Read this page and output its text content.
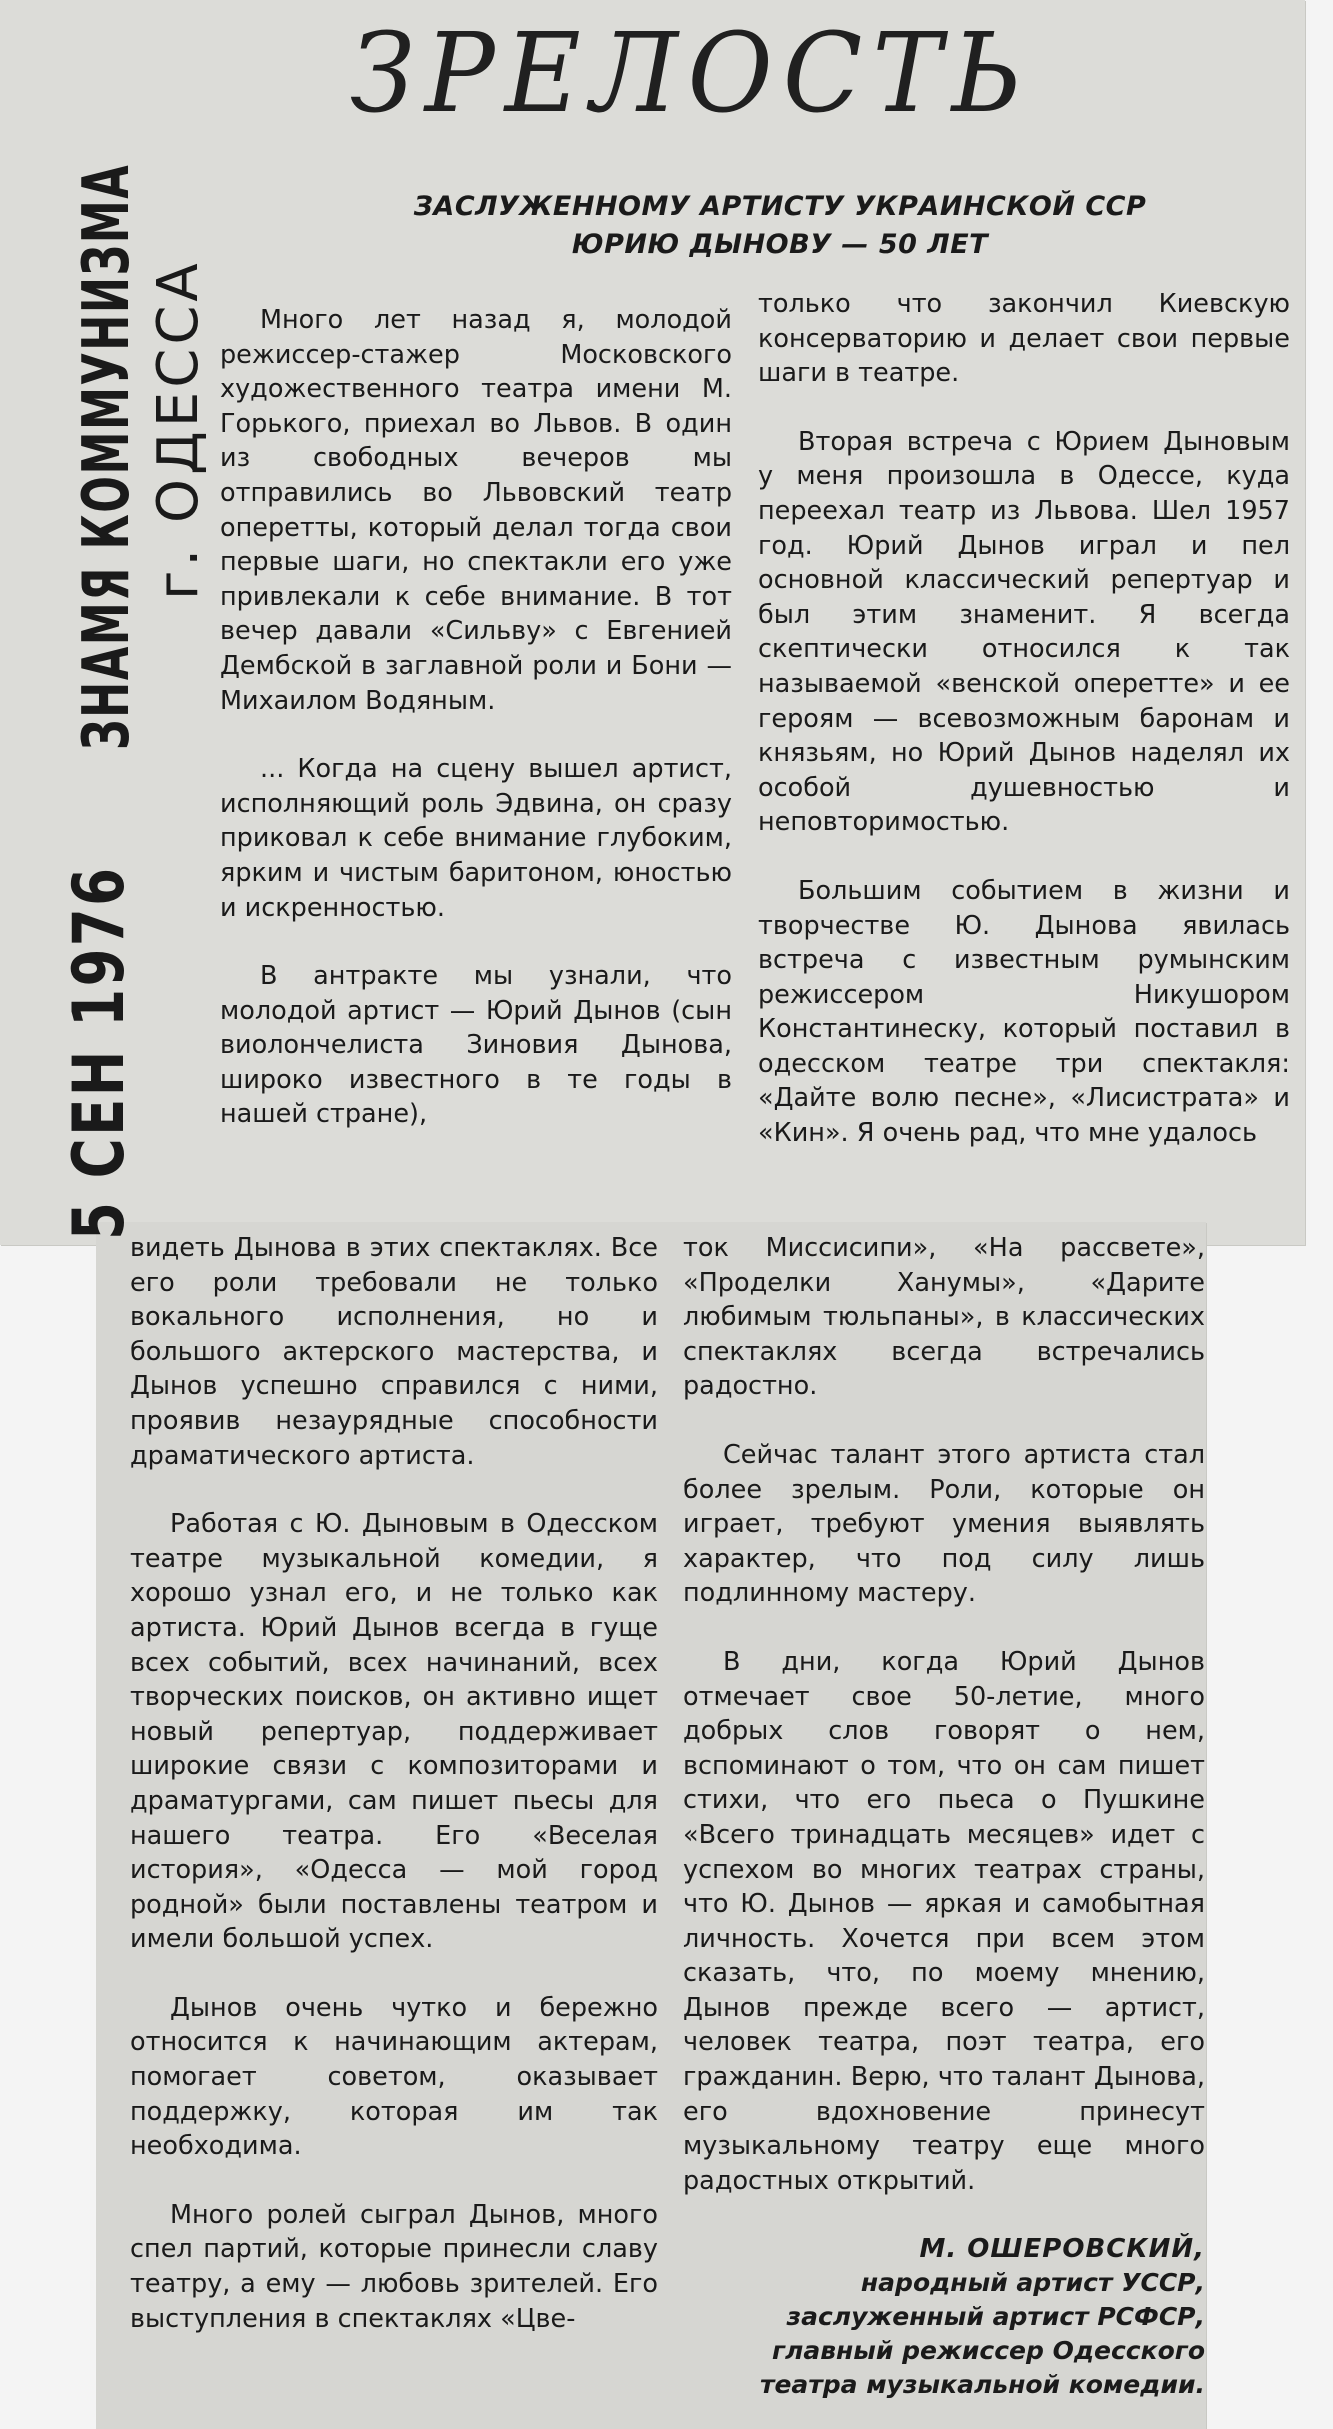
ЗНАМЯ КОММУНИЗМА г. ОДЕССА
5 СЕН 1976
ЗРЕЛОСТЬ
ЗАСЛУЖЕННОМУ АРТИСТУ УКРАИНСКОЙ ССР
ЮРИЮ ДЫНОВУ — 50 ЛЕТ

Много лет назад я, молодой режиссер-стажер Московского художественного театра имени М. Горького, приехал во Львов. В один из свободных вечеров мы отправились во Львовский театр оперетты, который делал тогда свои первые шаги, но спектакли его уже привлекали к себе внимание. В тот вечер давали «Сильву» с Евгенией Дембской в заглавной роли и Бони — Михаилом Водяным.

... Когда на сцену вышел артист, исполняющий роль Эдвина, он сразу приковал к себе внимание глубоким, ярким и чистым баритоном, юностью и искренностью.

В антракте мы узнали, что молодой артист — Юрий Дынов (сын виолончелиста Зиновия Дынова, широко известного в те годы в нашей стране),

только что закончил Киевскую консерваторию и делает свои первые шаги в театре.

Вторая встреча с Юрием Дыновым у меня произошла в Одессе, куда переехал театр из Львова. Шел 1957 год. Юрий Дынов играл и пел основной классический репертуар и был этим знаменит. Я всегда скептически относился к так называемой «венской оперетте» и ее героям — всевозможным баронам и князьям, но Юрий Дынов наделял их особой душевностью и неповторимостью.

Большим событием в жизни и творчестве Ю. Дынова явилась встреча с известным румынским режиссером Никушором Константинеску, который поставил в одесском театре три спектакля: «Дайте волю песне», «Лисистрата» и «Кин». Я очень рад, что мне удалось

видеть Дынова в этих спектаклях. Все его роли требовали не только вокального исполнения, но и большого актерского мастерства, и Дынов успешно справился с ними, проявив незаурядные способности драматического артиста.

Работая с Ю. Дыновым в Одесском театре музыкальной комедии, я хорошо узнал его, и не только как артиста. Юрий Дынов всегда в гуще всех событий, всех начинаний, всех творческих поисков, он активно ищет новый репертуар, поддерживает широкие связи с композиторами и драматургами, сам пишет пьесы для нашего театра. Его «Веселая история», «Одесса — мой город родной» были поставлены театром и имели большой успех.

Дынов очень чутко и бережно относится к начинающим актерам, помогает советом, оказывает поддержку, которая им так необходима.

Много ролей сыграл Дынов, много спел партий, которые принесли славу театру, а ему — любовь зрителей. Его выступления в спектаклях «Цве-

ток Миссисипи», «На рассвете», «Проделки Ханумы», «Дарите любимым тюльпаны», в классических спектаклях всегда встречались радостно.

Сейчас талант этого артиста стал более зрелым. Роли, которые он играет, требуют умения выявлять характер, что под силу лишь подлинному мастеру.

В дни, когда Юрий Дынов отмечает свое 50-летие, много добрых слов говорят о нем, вспоминают о том, что он сам пишет стихи, что его пьеса о Пушкине «Всего тринадцать месяцев» идет с успехом во многих театрах страны, что Ю. Дынов — яркая и самобытная личность. Хочется при всем этом сказать, что, по моему мнению, Дынов прежде всего — артист, человек театра, поэт театра, его гражданин. Верю, что талант Дынова, его вдохновение принесут музыкальному театру еще много радостных открытий.

М. ОШЕРОВСКИЙ,
народный артист УССР,
заслуженный артист РСФСР,
главный режиссер Одесского
театра музыкальной комедии.
